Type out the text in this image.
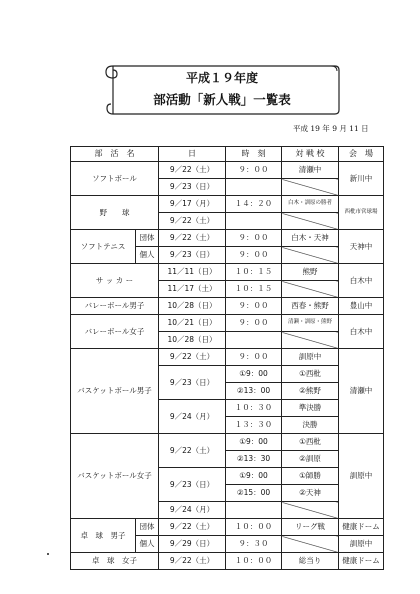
平成１９年度
部活動「新人戦」一覧表
平成 19 年 9 月 11 日
部　活　名		日	時　刻	対 戦 校	会　場
ソフトボール		9／22（土）	９：００	清瀬中	新川中
		9／23（日）			
野　　球		9／17（月）	１４：２０	白木・訓原の勝者	西枇市営球場
		9／22（土）			
ソフトテニス	団体	9／22（土）	９：００	白木・天神	天神中
	個人	9／23（日）	９：００		
サ ッ カ ー		11／11（日）	１０：１５	熊野	白木中
		11／17（土）	１０：１５		
バレーボール男子		10／28（日）	９：００	西春・熊野	豊山中
バレーボール女子		10／21（日）	９：００	清瀬・訓原・熊野	白木中
		10／28（日）			
バスケットボール男子		9／22（土）	９：００	訓原中	清瀬中
		9／23（日）	①9：00	①西枇	
			②13：00	②熊野	
		9／24（月）	１０：３０	準決勝	
			１３：３０	決勝	
バスケットボール女子		9／22（土）	①9：00	①西枇	訓原中
			②13：30	②訓原	
		9／23（日）	①9：00	①師勝	
			②15：00	②天神	
		9／24（月）			
卓　球　男子	団体	9／22（土）	１０：００	リーグ戦	健康ドーム
	個人	9／29（日）	９：３０		訓原中
卓　球　女子		9／22（土）	１０：００	総当り	健康ドーム
